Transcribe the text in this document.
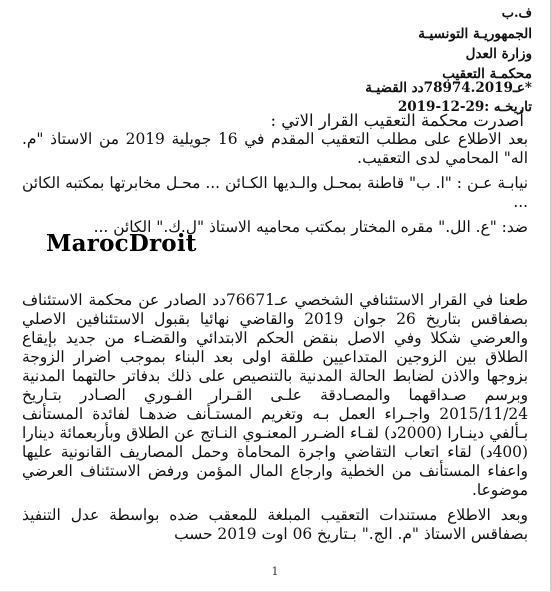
ف.ب
الجمهوريـة التونسيـة
وزارة العدل
محكمـة التعقيب
*عـ78974.2019دد القضيـة
تاريخـه :29-12-2019
أصدرت محكمة التعقيب القرار الاتي :

بعد الاطلاع على مطلب التعقيب المقدم في 16 جويلية 2019 من الاستاذ "م. اله" المحامي لدى التعقيب.

نيابـة عـن : "ا. ب" قاطنة بمحـل والـديها الكـائن ... محـل مخابرتها بمكتبه الكائن ...

ضد: "ع. الل." مقره المختار بمكتب محاميه الاستاذ "ل.ك." الكائن ...

طعنا في القرار الاستئنافي الشخصي عـ76671دد الصادر عن محكمة الاستئناف بصفاقس بتاريخ 26 جوان 2019 والقاضي نهائيا بقبول الاستئنافين الاصلي والعرضي شكلا وفي الاصل بنقض الحكم الابتدائي والقضـاء من جديد بإيقاع الطلاق بين الزوجين المتداعيين طلقة اولى بعد البناء بموجب اضرار الزوجة بزوجها والاذن لضابط الحالة المدنية بالتنصيص على ذلك بدفاتر حالتهما المدنية وبرسم صـداقهما والمصـادقة علـى القـرار الفـوري الصـادر بتـاريخ 2015/11/24 واجـراء العمل بـه وتغريم المستـأنف ضدهـا لفائدة المستأنف بـألفي دينـارا (2000د) لقـاء الضـرر المعنـوي النـاتج عن الطلاق وبأربعمائة دينارا (400د) لقاء اتعاب التقاضي واجرة المحاماة وحمل المصاريف القانونية عليها واعفاء المستأنف من الخطية وارجاع المال المؤمن ورفض الاستئناف العرضي موضوعا.

وبعد الاطلاع مستندات التعقيب المبلغة للمعقب ضده بواسطة عدل التنفيذ بصفاقس الاستاذ "م. الج." بـتاريخ 06 اوت 2019 حسب

MarocDroit
1
